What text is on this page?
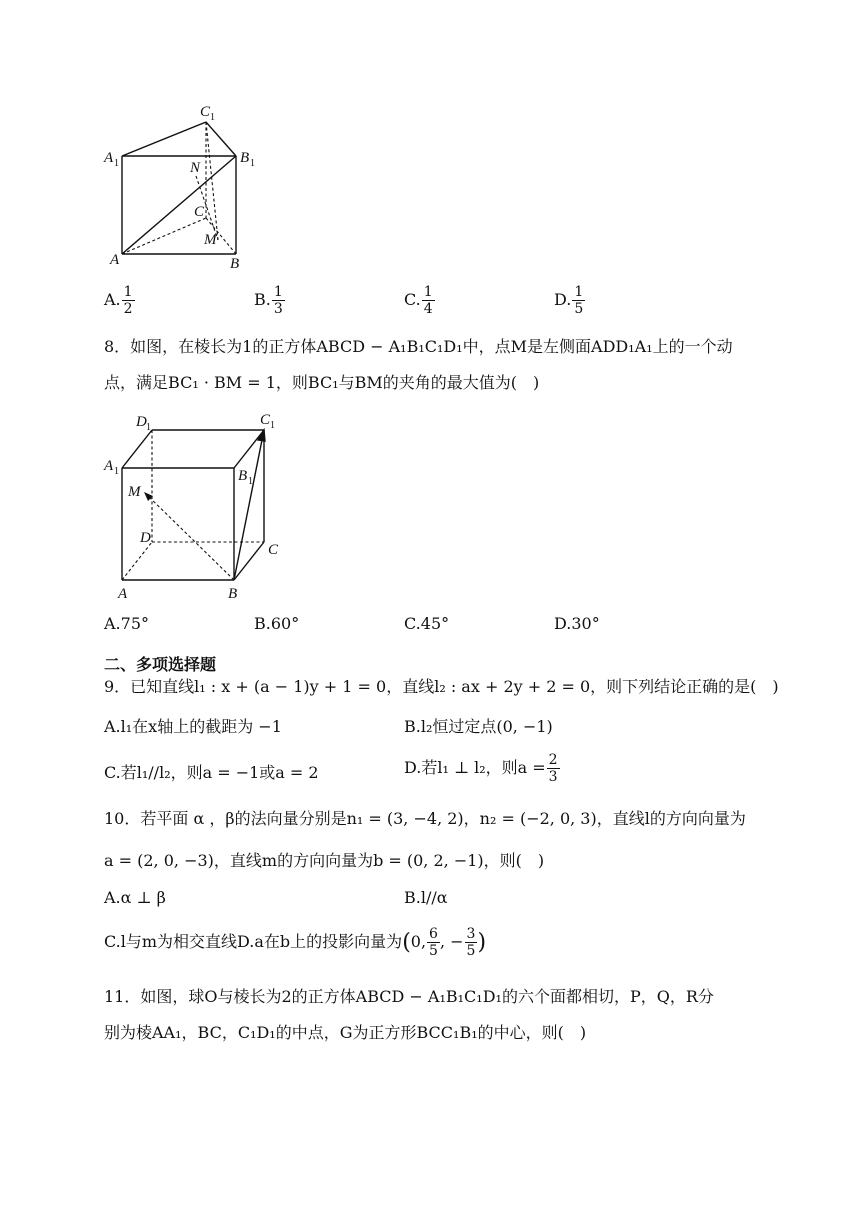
C 1
A 1	B 1
N
C
M
A	B
A. $\frac{1}{2}$	B. $\frac{1}{3}$	C. $\frac{1}{4}$	D. $\frac{1}{5}$
8．如图，在棱长为1的正方体ABCD − A₁B₁C₁D₁中，点M是左侧面ADD₁A₁上的一个动
点，满足BC₁ · BM = 1，则BC₁与BM的夹角的最大值为(　)
D 1	C 1
A 1	B 1
M
D
C
A	B
A.75°	B.60°	C.45°	D.30°
二、多项选择题
9．已知直线l₁ : x + (a − 1)y + 1 = 0，直线l₂ : ax + 2y + 2 = 0，则下列结论正确的是(　)
A.l₁在x轴上的截距为 −1	B.l₂恒过定点(0, −1)
C.若l₁//l₂，则a = −1或a = 2	D.若l₁ ⊥ l₂，则$a = \frac{2}{3}$
10．若平面 α ，β的法向量分别是n₁ = (3, −4, 2)，n₂ = (−2, 0, 3)，直线l的方向向量为
a = (2, 0, −3)，直线m的方向向量为b = (0, 2, −1)，则(　)
A.α ⊥ β	B.l//α
C.l与m为相交直线D.a在b上的投影向量为(0, $\frac{6}{5}$ , − $\frac{3}{5}$ )
11．如图，球O与棱长为2的正方体ABCD − A₁B₁C₁D₁的六个面都相切，P，Q，R分
别为棱AA₁，BC，C₁D₁的中点，G为正方形BCC₁B₁的中心，则(　)
